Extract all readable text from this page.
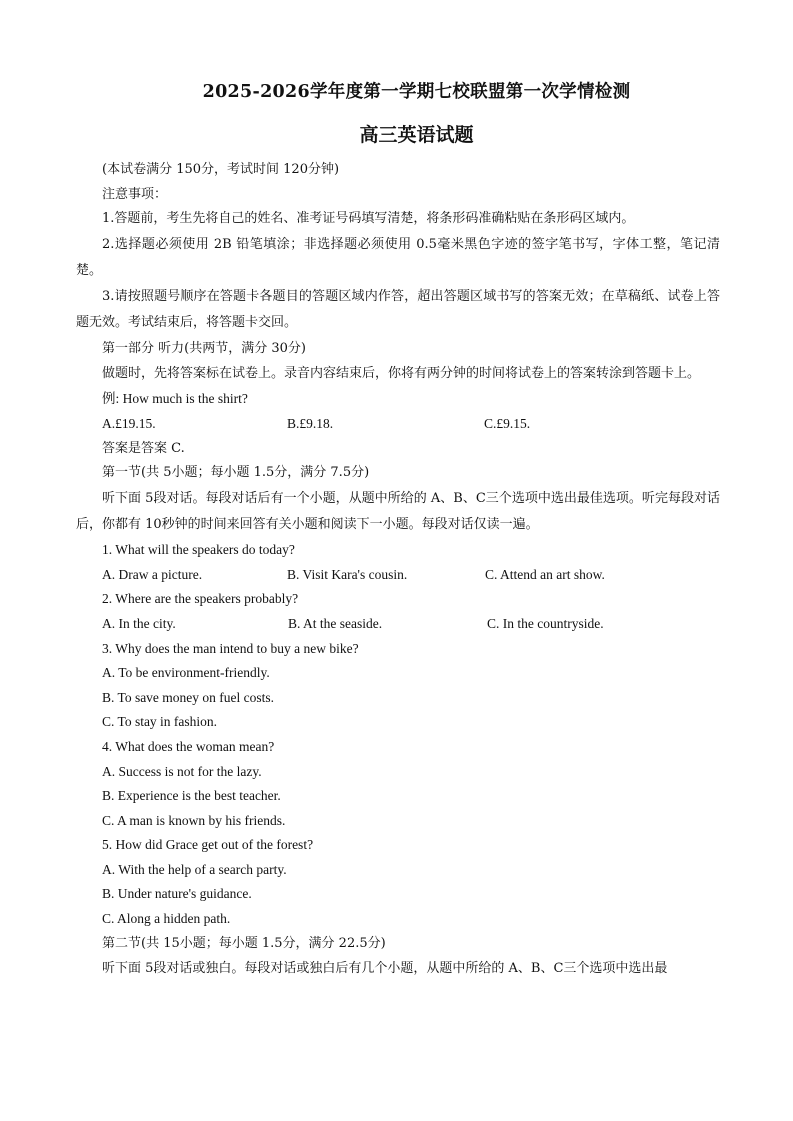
2025-2026学年度第一学期七校联盟第一次学情检测
高三英语试题
(本试卷满分 150分，考试时间 120分钟)
注意事项：
1.答题前，考生先将自己的姓名、准考证号码填写清楚，将条形码准确粘贴在条形码区域内。

2.选择题必须使用 2B 铅笔填涂；非选择题必须使用 0.5毫米黑色字迹的签字笔书写，字体工整，笔记清楚。

3.请按照题号顺序在答题卡各题目的答题区域内作答，超出答题区域书写的答案无效；在草稿纸、试卷上答题无效。考试结束后，将答题卡交回。

第一部分 听力(共两节，满分 30分)

做题时，先将答案标在试卷上。录音内容结束后，你将有两分钟的时间将试卷上的答案转涂到答题卡上。

例: How much is the shirt?
A.£19.15.	B.£9.18.	C.£9.15.
答案是答案 C.
第一节(共 5小题；每小题 1.5分，满分 7.5分)

听下面 5段对话。每段对话后有一个小题，从题中所给的 A、B、C三个选项中选出最佳选项。听完每段对话后，你都有 10秒钟的时间来回答有关小题和阅读下一小题。每段对话仅读一遍。

1. What will the speakers do today?
A. Draw a picture.	B. Visit Kara's cousin.	C. Attend an art show.
2. Where are the speakers probably?
A. In the city.	B. At the seaside.	C. In the countryside.
3. Why does the man intend to buy a new bike?
A. To be environment-friendly.
B. To save money on fuel costs.
C. To stay in fashion.
4. What does the woman mean?
A. Success is not for the lazy.
B. Experience is the best teacher.
C. A man is known by his friends.
5. How did Grace get out of the forest?
A. With the help of a search party.
B. Under nature's guidance.
C. Along a hidden path.
第二节(共 15小题；每小题 1.5分，满分 22.5分)

听下面 5段对话或独白。每段对话或独白后有几个小题，从题中所给的 A、B、C三个选项中选出最
